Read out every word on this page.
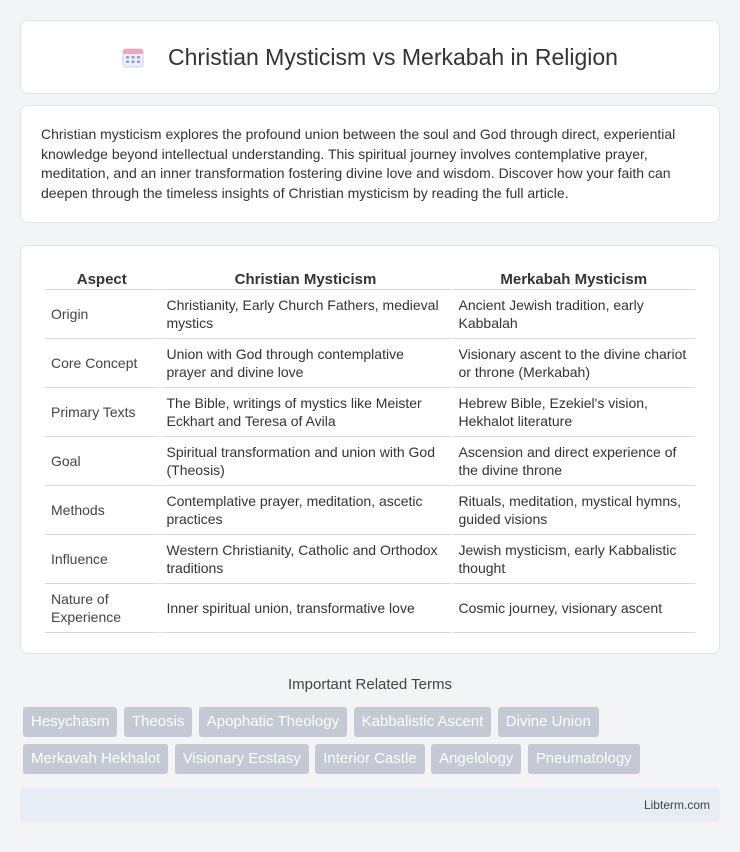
Christian Mysticism vs Merkabah in Religion

Christian mysticism explores the profound union between the soul and God through direct, experiential knowledge beyond intellectual understanding. This spiritual journey involves contemplative prayer, meditation, and an inner transformation fostering divine love and wisdom. Discover how your faith can deepen through the timeless insights of Christian mysticism by reading the full article.

Aspect	Christian Mysticism	Merkabah Mysticism
Origin	Christianity, Early Church Fathers, medieval mystics	Ancient Jewish tradition, early Kabbalah
Core Concept	Union with God through contemplative prayer and divine love	Visionary ascent to the divine chariot or throne (Merkabah)
Primary Texts	The Bible, writings of mystics like Meister Eckhart and Teresa of Avila	Hebrew Bible, Ezekiel's vision, Hekhalot literature
Goal	Spiritual transformation and union with God (Theosis)	Ascension and direct experience of the divine throne
Methods	Contemplative prayer, meditation, ascetic practices	Rituals, meditation, mystical hymns, guided visions
Influence	Western Christianity, Catholic and Orthodox traditions	Jewish mysticism, early Kabbalistic thought
Nature of Experience	Inner spiritual union, transformative love	Cosmic journey, visionary ascent
Important Related Terms
Hesychasm Theosis Apophatic Theology Kabbalistic Ascent Divine Union
Merkavah Hekhalot Visionary Ecstasy Interior Castle Angelology Pneumatology
Libterm.com
